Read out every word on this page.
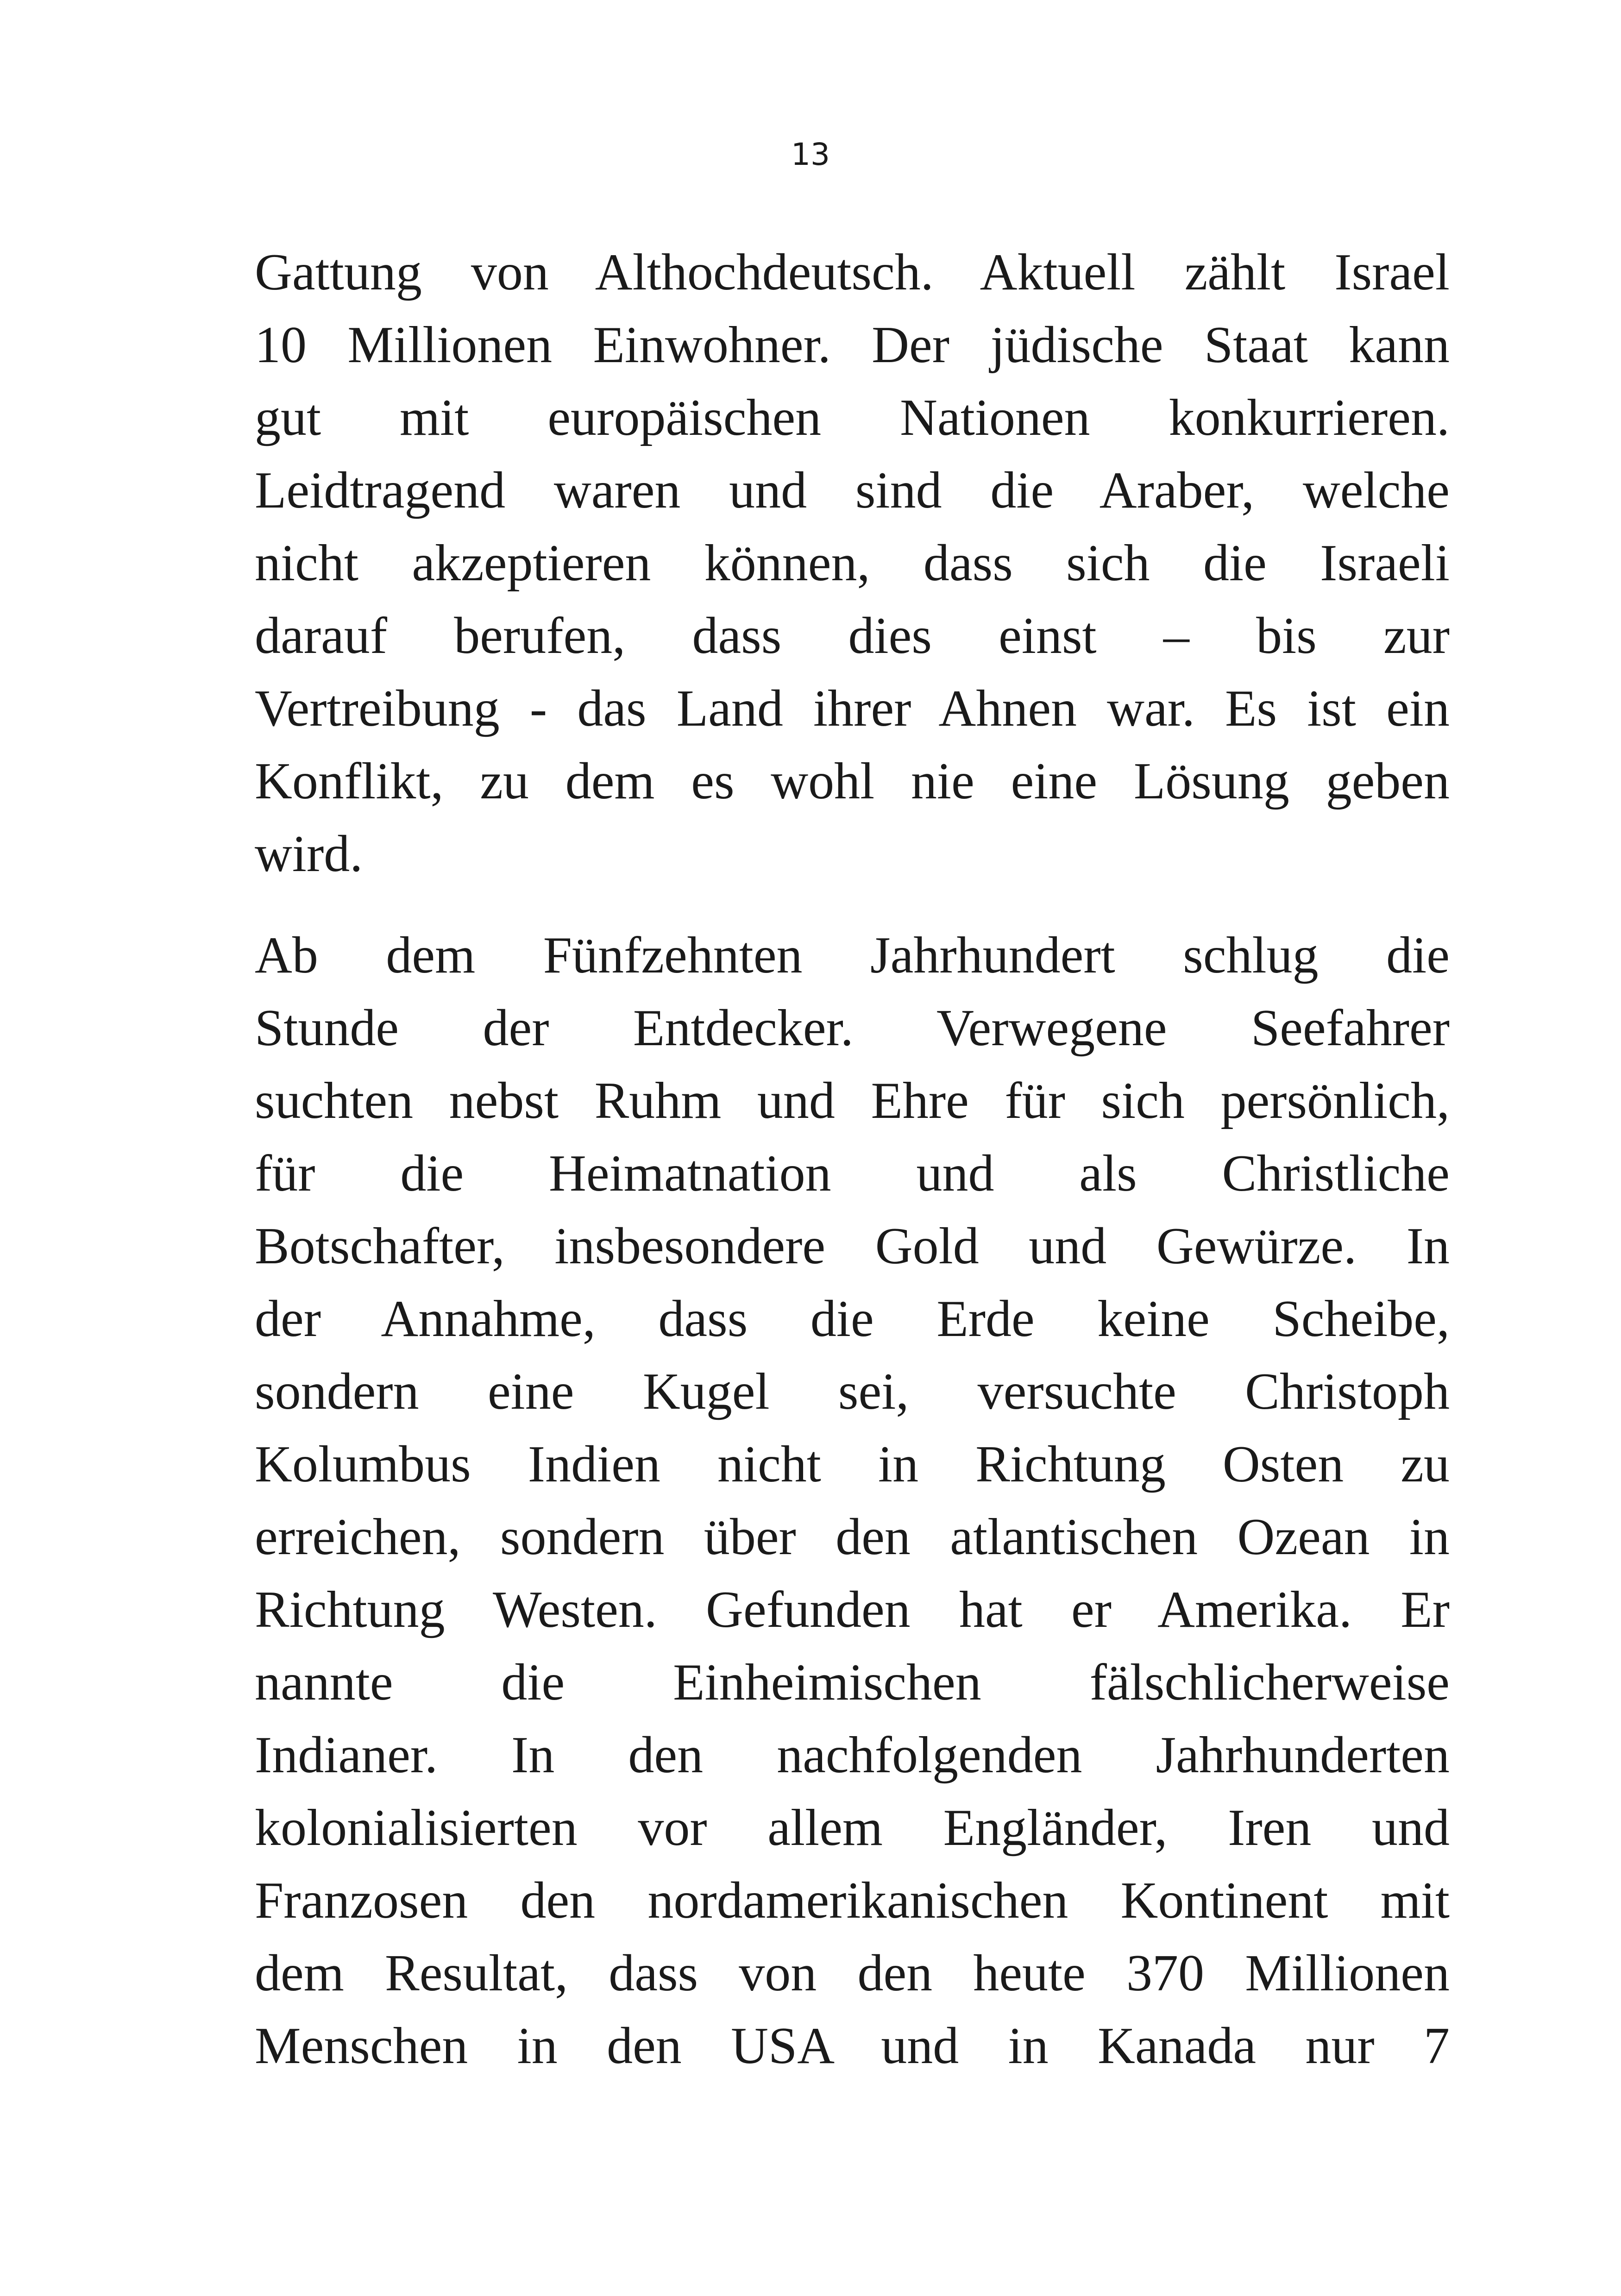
13
Gattung von Althochdeutsch. Aktuell zählt Israel
10 Millionen Einwohner. Der jüdische Staat kann
gut mit europäischen Nationen konkurrieren.
Leidtragend waren und sind die Araber, welche
nicht akzeptieren können, dass sich die Israeli
darauf berufen, dass dies einst – bis zur
Vertreibung - das Land ihrer Ahnen war. Es ist ein
Konflikt, zu dem es wohl nie eine Lösung geben
wird.
Ab dem Fünfzehnten Jahrhundert schlug die
Stunde der Entdecker. Verwegene Seefahrer
suchten nebst Ruhm und Ehre für sich persönlich,
für die Heimatnation und als Christliche
Botschafter, insbesondere Gold und Gewürze. In
der Annahme, dass die Erde keine Scheibe,
sondern eine Kugel sei, versuchte Christoph
Kolumbus Indien nicht in Richtung Osten zu
erreichen, sondern über den atlantischen Ozean in
Richtung Westen. Gefunden hat er Amerika. Er
nannte die Einheimischen fälschlicherweise
Indianer. In den nachfolgenden Jahrhunderten
kolonialisierten vor allem Engländer, Iren und
Franzosen den nordamerikanischen Kontinent mit
dem Resultat, dass von den heute 370 Millionen
Menschen in den USA und in Kanada nur 7
